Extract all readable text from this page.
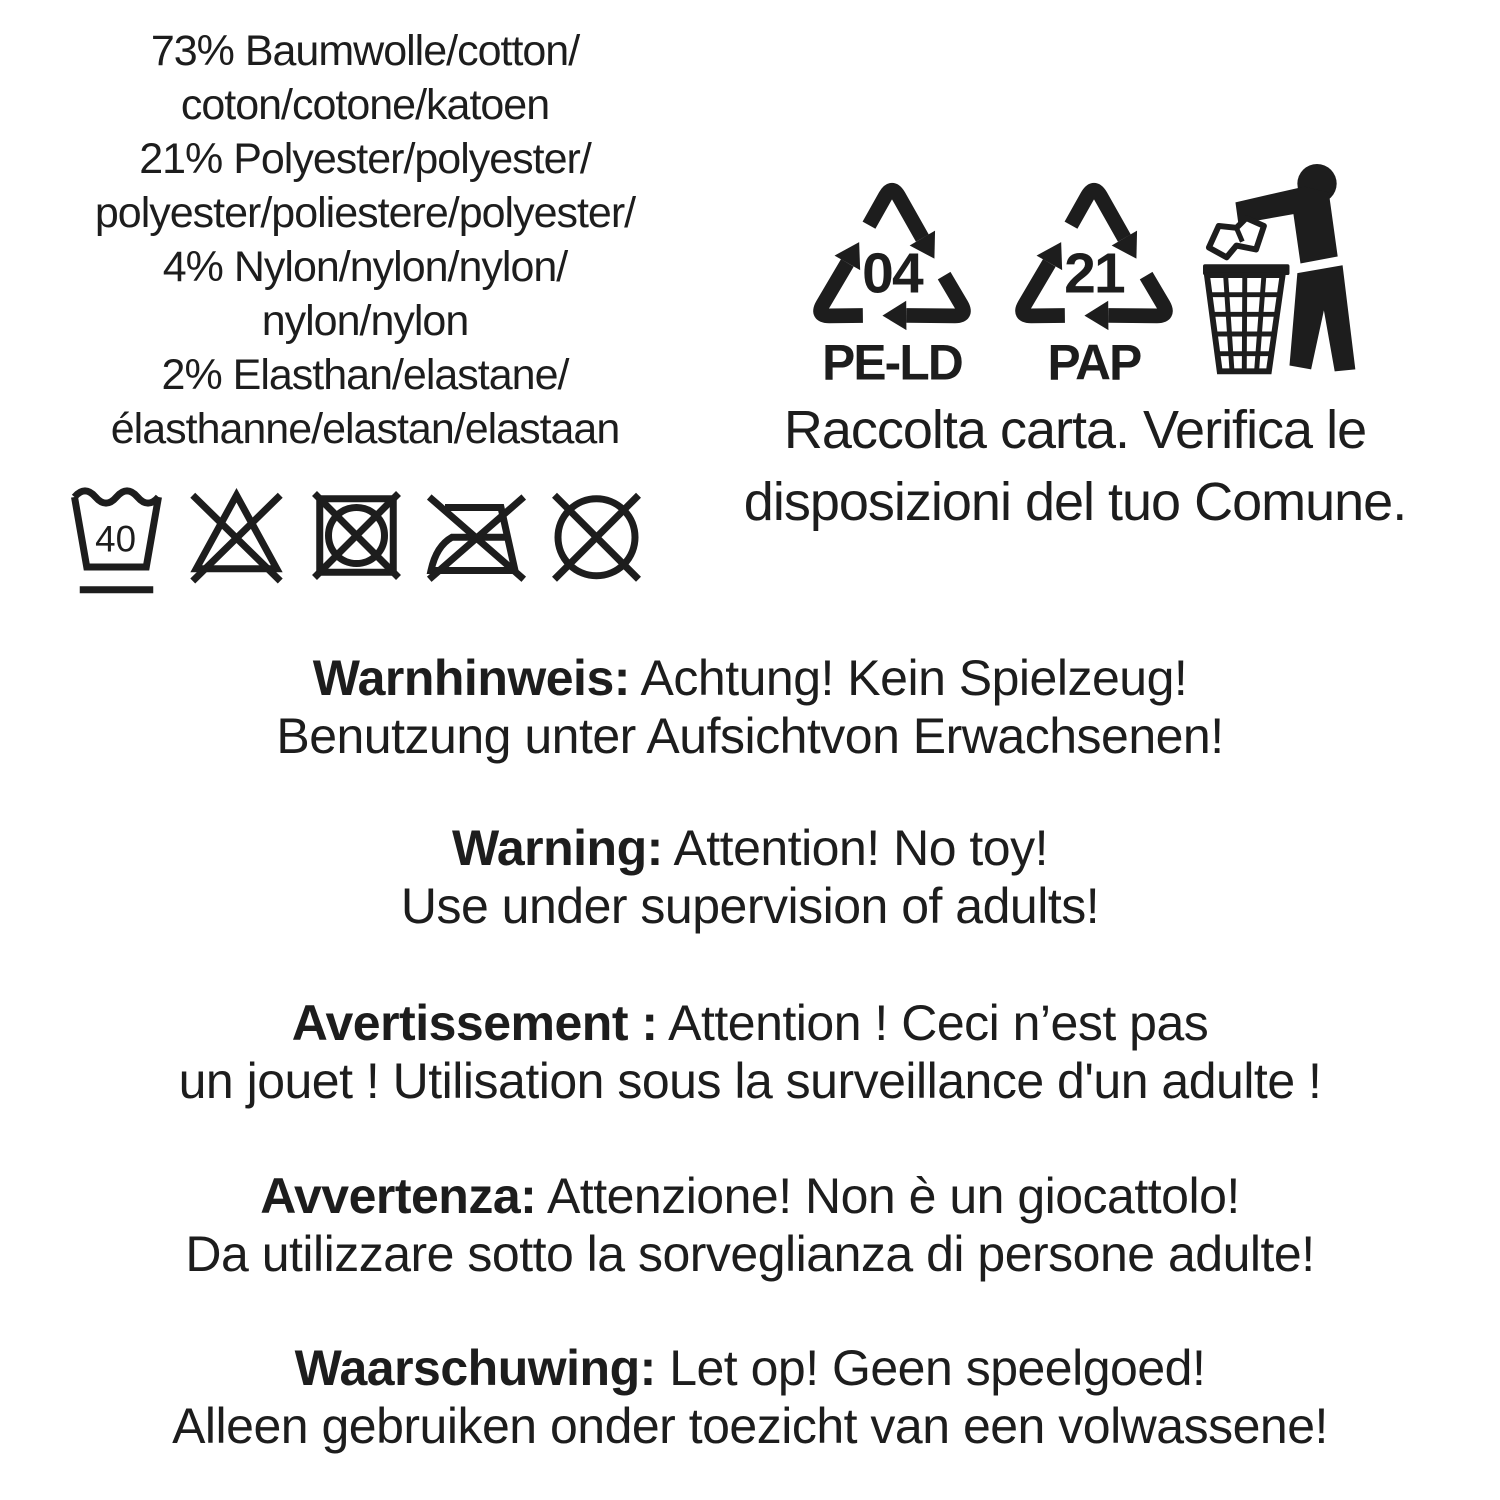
73% Baumwolle/cotton/
coton/cotone/katoen
21% Polyester/polyester/
polyester/poliestere/polyester/
4% Nylon/nylon/nylon/
nylon/nylon
2% Elasthan/elastane/
élasthanne/elastan/elastaan
40
04
PE-LD
21
PAP
Raccolta carta. Verifica le
disposizioni del tuo Comune.
Warnhinweis: Achtung! Kein Spielzeug!
Benutzung unter Aufsichtvon Erwachsenen!
Warning: Attention! No toy!
Use under supervision of adults!
Avertissement : Attention ! Ceci n’est pas
un jouet ! Utilisation sous la surveillance d'un adulte !
Avvertenza: Attenzione! Non è un giocattolo!
Da utilizzare sotto la sorveglianza di persone adulte!
Waarschuwing: Let op! Geen speelgoed!
Alleen gebruiken onder toezicht van een volwassene!
